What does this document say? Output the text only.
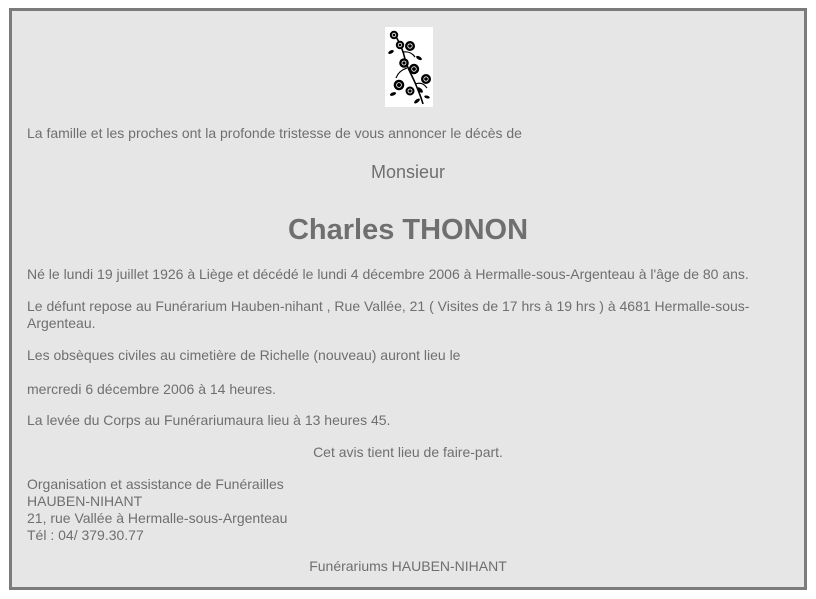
La famille et les proches ont la profonde tristesse de vous annoncer le décès de
Monsieur
Charles THONON
Né le lundi 19 juillet 1926 à Liège et décédé le lundi 4 décembre 2006 à Hermalle-sous-Argenteau à l'âge de 80 ans.
Le défunt repose au Funérarium Hauben-nihant , Rue Vallée, 21 ( Visites de 17 hrs à 19 hrs ) à 4681 Hermalle-sous-Argenteau.
Les obsèques civiles au cimetière de Richelle (nouveau) auront lieu le
mercredi 6 décembre 2006 à 14 heures.
La levée du Corps au Funérariumaura lieu à 13 heures 45.
Cet avis tient lieu de faire-part.
Organisation et assistance de Funérailles
HAUBEN-NIHANT
21, rue Vallée à Hermalle-sous-Argenteau
Tél : 04/ 379.30.77
Funérariums HAUBEN-NIHANT
